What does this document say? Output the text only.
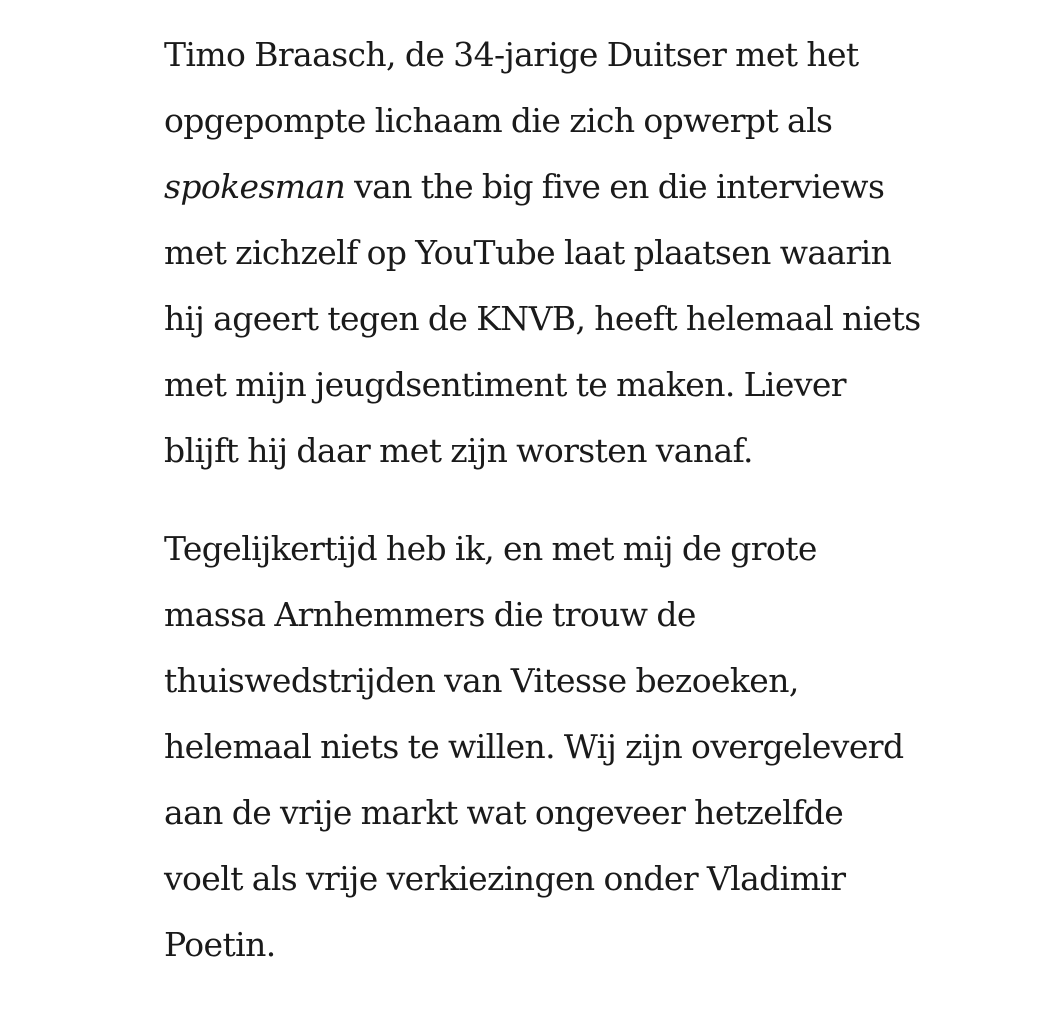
Timo Braasch, de 34-jarige Duitser met het
opgepompte lichaam die zich opwerpt als
spokesman van the big five en die interviews
met zichzelf op YouTube laat plaatsen waarin
hij ageert tegen de KNVB, heeft helemaal niets
met mijn jeugdsentiment te maken. Liever
blijft hij daar met zijn worsten vanaf.

Tegelijkertijd heb ik, en met mij de grote
massa Arnhemmers die trouw de
thuiswedstrijden van Vitesse bezoeken,
helemaal niets te willen. Wij zijn overgeleverd
aan de vrije markt wat ongeveer hetzelfde
voelt als vrije verkiezingen onder Vladimir
Poetin.
